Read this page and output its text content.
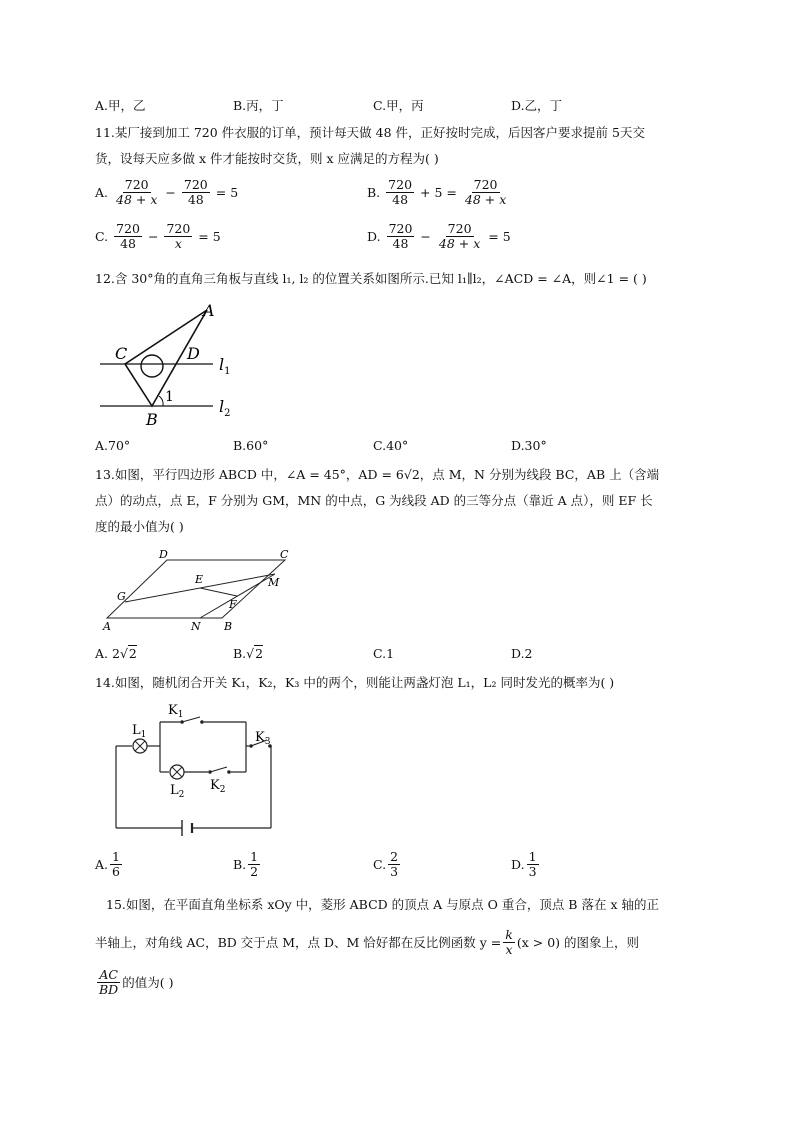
A.甲，乙	B.丙，丁	C.甲，丙	D.乙，丁
11.某厂接到加工 720 件衣服的订单，预计每天做 48 件，正好按时完成，后因客户要求提前 5天交
货，设每天应多做 x 件才能按时交货，则 x 应满足的方程为( )
A. $\frac{720}{48 + x} - \frac{720}{48} = 5$	B. $\frac{720}{48} + 5 = \frac{720}{48 + x}$
C. $\frac{720}{48} - \frac{720}{x} = 5$	D. $\frac{720}{48} - \frac{720}{48 + x} = 5$
12.含 30°角的直角三角板与直线 l₁, l₂ 的位置关系如图所示.已知 l₁∥l₂，∠ACD = ∠A，则∠1 = ( )
A
C	D
B
1
$l_1$
$l_2$
A.70°	B.60°	C.40°	D.30°
13.如图，平行四边形 ABCD 中，∠A = 45°，AD = 6√2，点 M，N 分别为线段 BC，AB 上（含端
点）的动点，点 E，F 分别为 GM，MN 的中点，G 为线段 AD 的三等分点（靠近 A 点），则 EF 长
度的最小值为( )
D	C
E	M
G
F
A	N B
A. 2 √2	B. √2	C.1	D.2
14.如图，随机闭合开关 K₁，K₂，K₃ 中的两个，则能让两盏灯泡 L₁，L₂ 同时发光的概率为( )
$L_1$
$K_1$
$K_3$
$L_2$
$K_2$
A. $\frac{1}{6}$	B. $\frac{1}{2}$	C. $\frac{2}{3}$	D. $\frac{1}{3}$
15.如图，在平面直角坐标系 xOy 中，菱形 ABCD 的顶点 A 与原点 O 重合，顶点 B 落在 x 轴的正
半轴上，对角线 AC，BD 交于点 M，点 D、M 恰好都在反比例函数 $y = \frac{k}{x} (x > 0)$ 的图象上，则
$\frac{AC}{BD}$ 的值为( )
